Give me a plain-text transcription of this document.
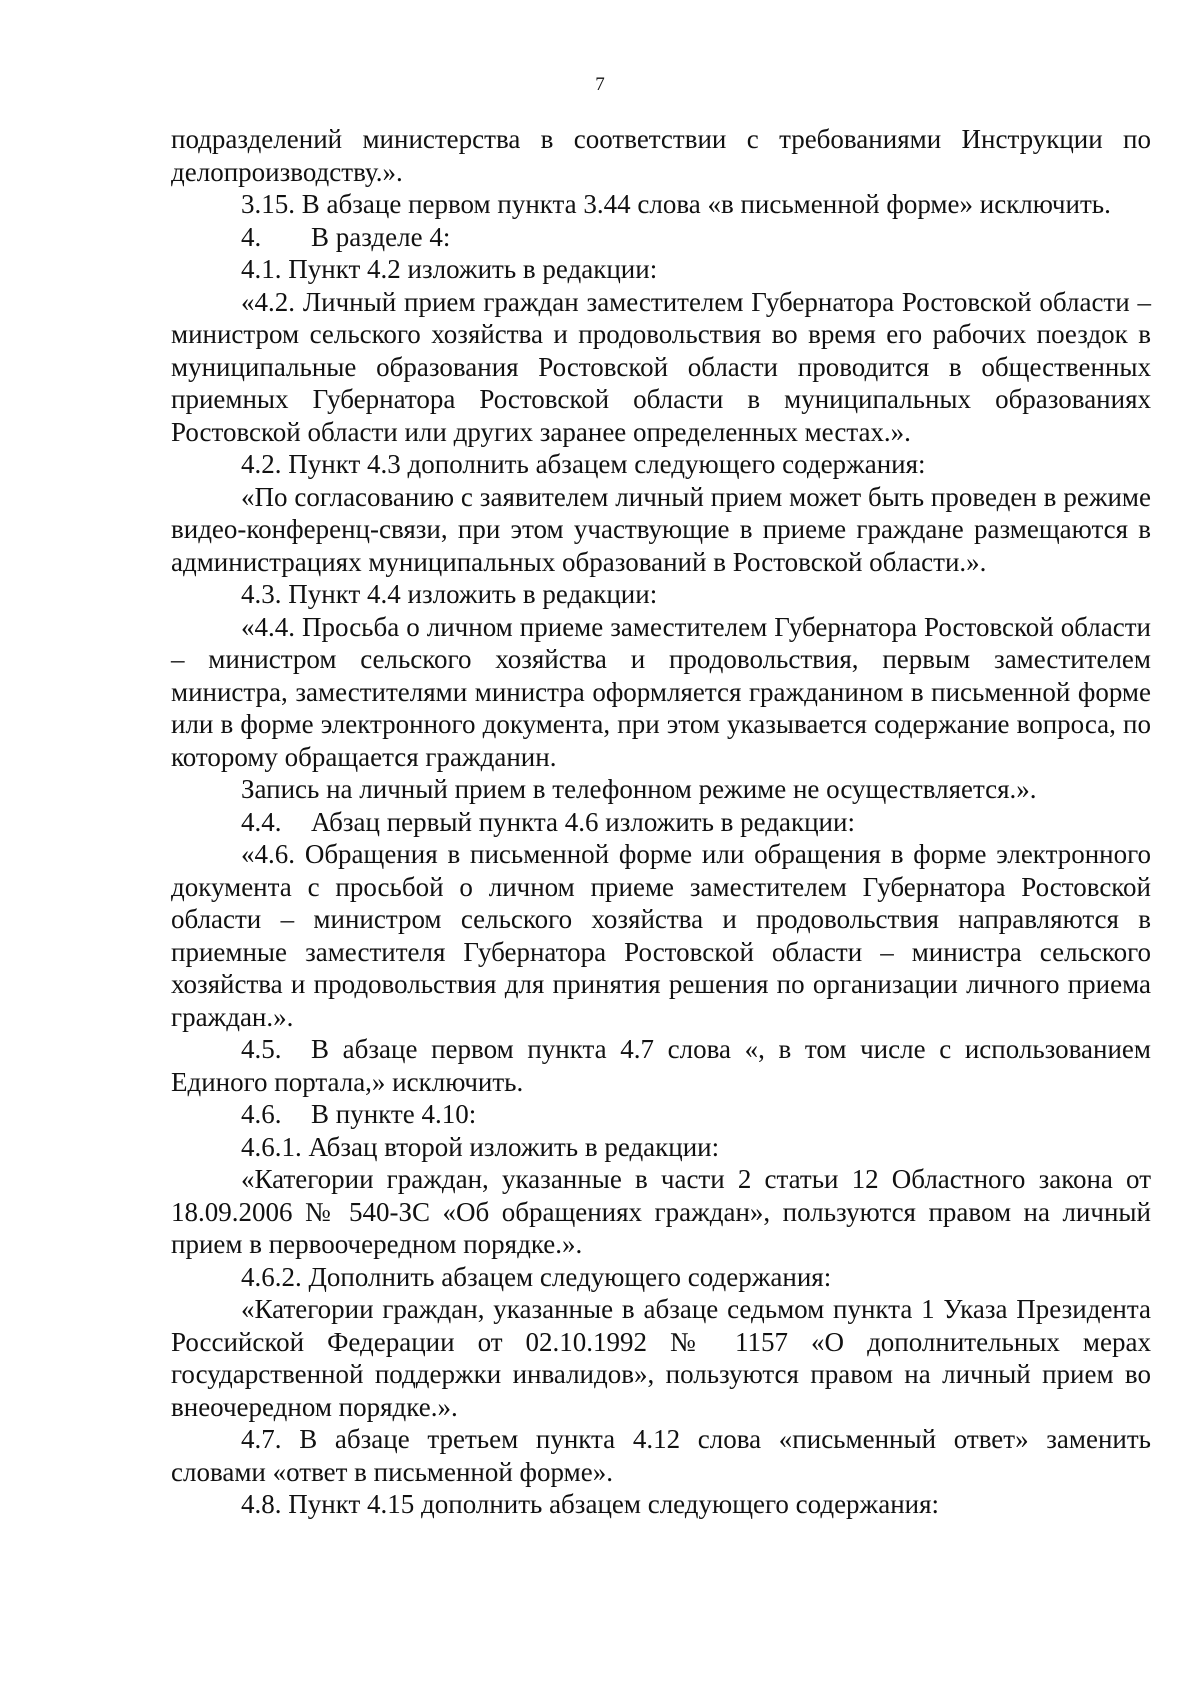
7

подразделений министерства в соответствии с требованиями Инструкции по делопроизводству.».

3.15. В абзаце первом пункта 3.44 слова «в письменной форме» исключить.

4. В разделе 4:

4.1. Пункт 4.2 изложить в редакции:

«4.2. Личный прием граждан заместителем Губернатора Ростовской области – министром сельского хозяйства и продовольствия во время его рабочих поездок в муниципальные образования Ростовской области проводится в общественных приемных Губернатора Ростовской области в муниципальных образованиях Ростовской области или других заранее определенных местах.».

4.2. Пункт 4.3 дополнить абзацем следующего содержания:

«По согласованию с заявителем личный прием может быть проведен в режиме видео-конференц-связи, при этом участвующие в приеме граждане размещаются в администрациях муниципальных образований в Ростовской области.».

4.3. Пункт 4.4 изложить в редакции:

«4.4. Просьба о личном приеме заместителем Губернатора Ростовской области – министром сельского хозяйства и продовольствия, первым заместителем министра, заместителями министра оформляется гражданином в письменной форме или в форме электронного документа, при этом указывается содержание вопроса, по которому обращается гражданин.

Запись на личный прием в телефонном режиме не осуществляется.».

4.4. Абзац первый пункта 4.6 изложить в редакции:

«4.6. Обращения в письменной форме или обращения в форме электронного документа с просьбой о личном приеме заместителем Губернатора Ростовской области – министром сельского хозяйства и продовольствия направляются в приемные заместителя Губернатора Ростовской области – министра сельского хозяйства и продовольствия для принятия решения по организации личного приема граждан.».

4.5. В абзаце первом пункта 4.7 слова «, в том числе с использованием Единого портала,» исключить.

4.6. В пункте 4.10:

4.6.1. Абзац второй изложить в редакции:

«Категории граждан, указанные в части 2 статьи 12 Областного закона от 18.09.2006 № 540-ЗС «Об обращениях граждан», пользуются правом на личный прием в первоочередном порядке.».

4.6.2. Дополнить абзацем следующего содержания:

«Категории граждан, указанные в абзаце седьмом пункта 1 Указа Президента Российской Федерации от 02.10.1992 № 1157 «О дополнительных мерах государственной поддержки инвалидов», пользуются правом на личный прием во внеочередном порядке.».

4.7. В абзаце третьем пункта 4.12 слова «письменный ответ» заменить словами «ответ в письменной форме».

4.8. Пункт 4.15 дополнить абзацем следующего содержания:
